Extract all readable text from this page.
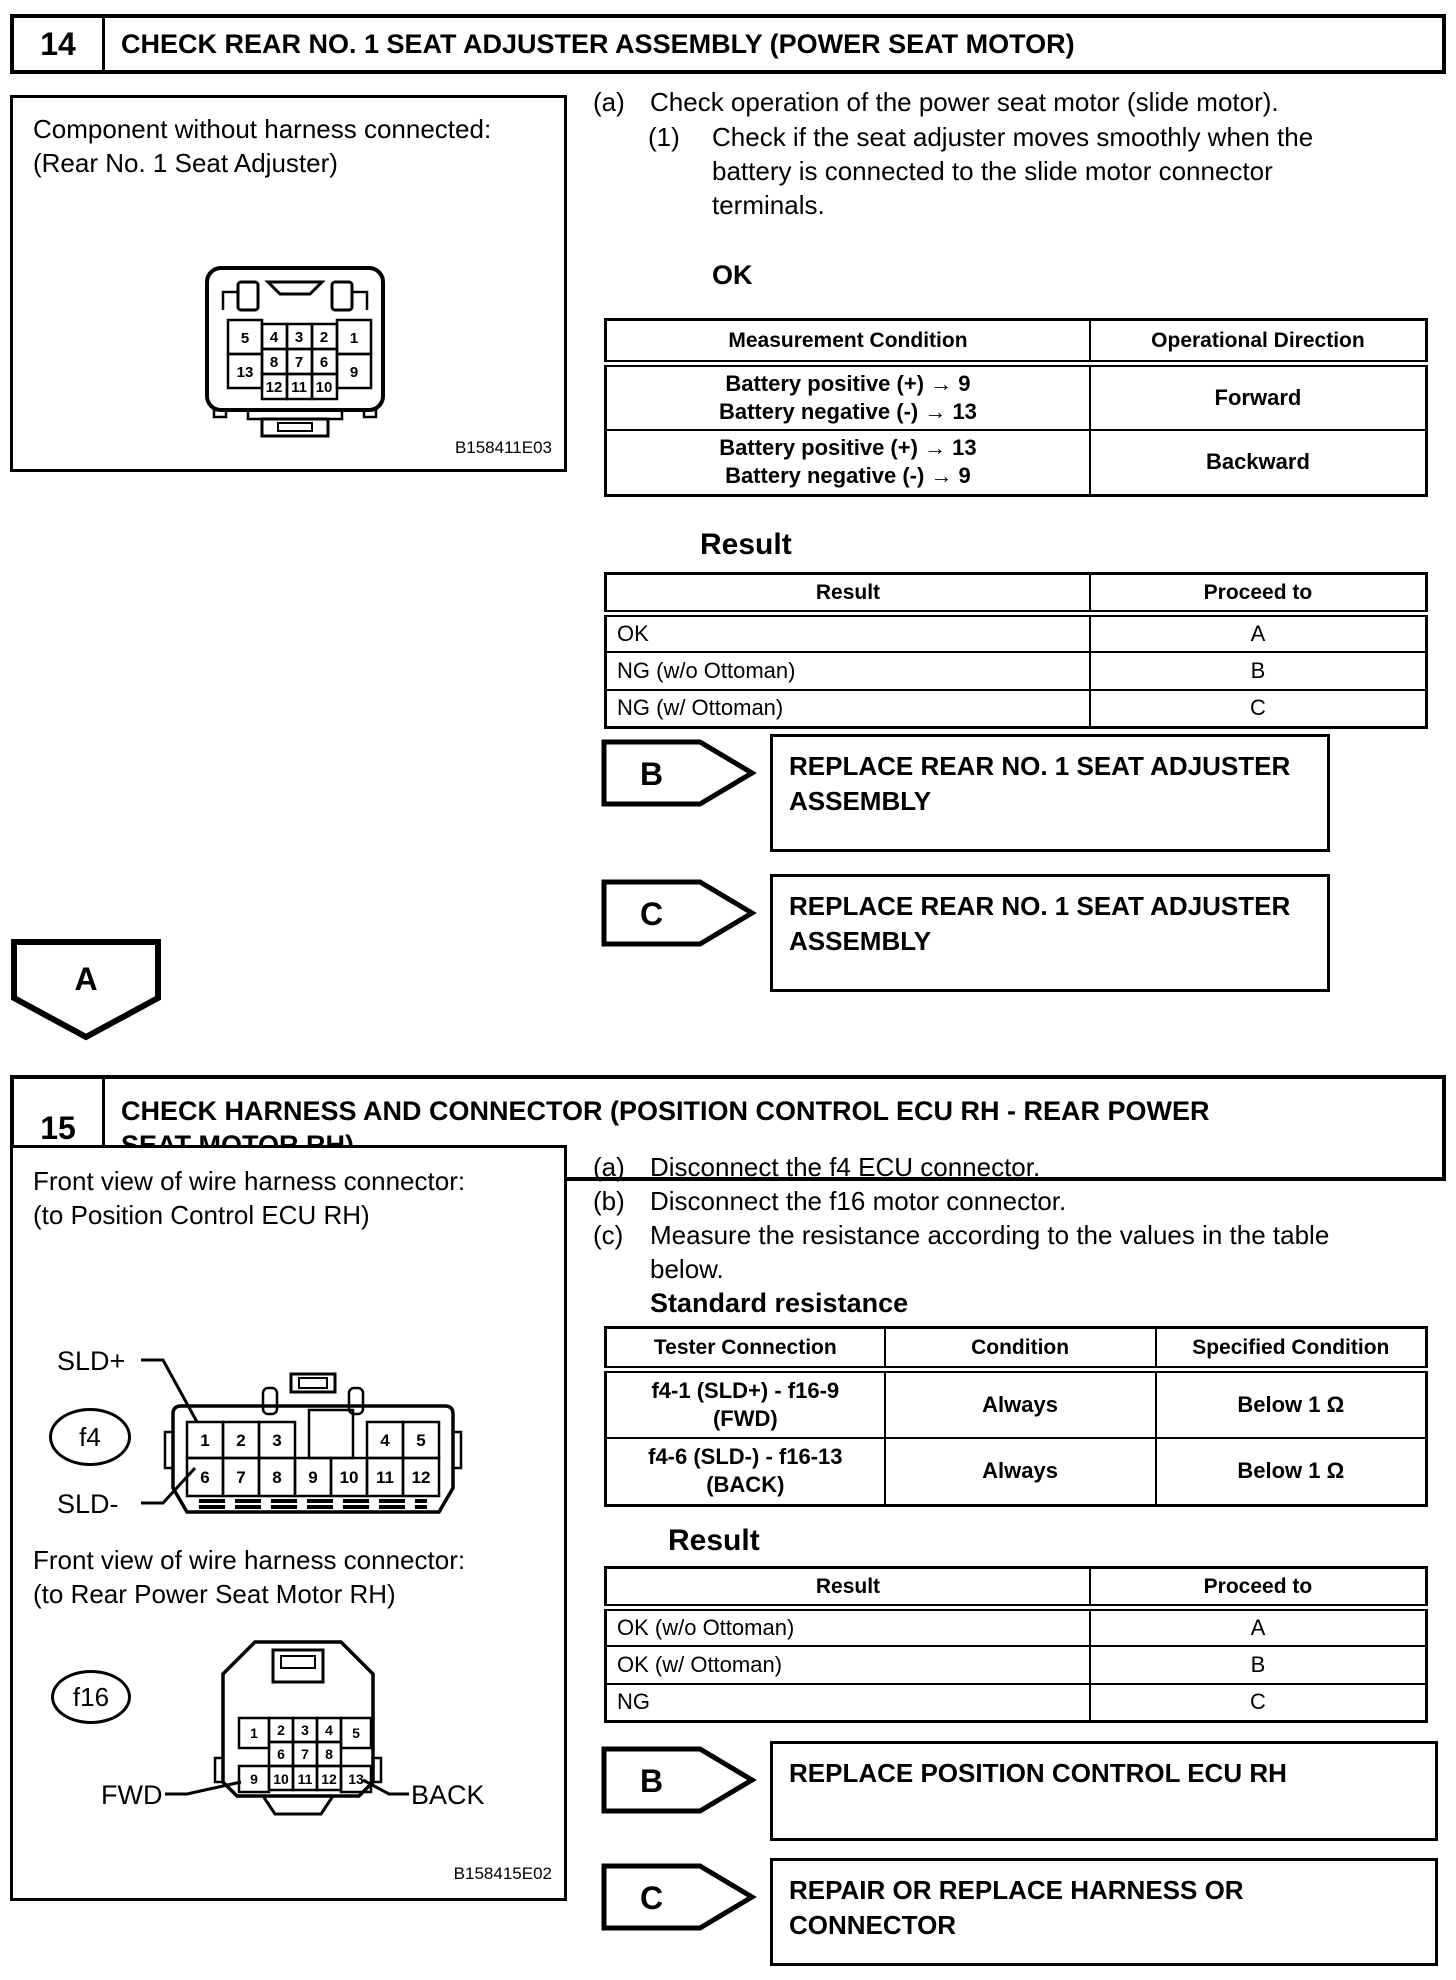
14	CHECK REAR NO. 1 SEAT ADJUSTER ASSEMBLY (POWER SEAT MOTOR)
Component without harness connected:
(Rear No. 1 Seat Adjuster)
5
13
1
9
4 3 2
8 7 6
12 11 10
B158411E03
(a) Check operation of the power seat motor (slide motor).
(1) Check if the seat adjuster moves smoothly when the battery is connected to the slide motor connector terminals.
OK
Measurement Condition	Operational Direction

Battery positive (+) → 9
Battery negative (-) → 13	Forward

Battery positive (+) → 13
Battery negative (-) → 9	Backward
Result
Result	Proceed to
OK	A
NG (w/o Ottoman)	B
NG (w/ Ottoman)	C
B	REPLACE REAR NO. 1 SEAT ADJUSTER ASSEMBLY
C	REPLACE REAR NO. 1 SEAT ADJUSTER ASSEMBLY
A
15	CHECK HARNESS AND CONNECTOR (POSITION CONTROL ECU RH - REAR POWER
Front view of wire harness connector:
(to Position Control ECU RH)
SLD+
f4
SLD-
1 2 3	4 5
6 7 8 9 10 11 12
Front view of wire harness connector:
(to Rear Power Seat Motor RH)
f16
1 2 3 4 5
6 7 8
9 10 11 12 13
FWD	BACK
B158415E02
(a) Disconnect the f4 ECU connector.
(b) Disconnect the f16 motor connector.
(c) Measure the resistance according to the values in the table below.
Standard resistance
Tester Connection	Condition	Specified Condition

f4-1 (SLD+) - f16-9
(FWD)	Always	Below 1 Ω

f4-6 (SLD-) - f16-13
(BACK)	Always	Below 1 Ω
Result
Result	Proceed to
OK (w/o Ottoman)	A
OK (w/ Ottoman)	B
NG	C
B	REPLACE POSITION CONTROL ECU RH
C	REPAIR OR REPLACE HARNESS OR CONNECTOR
